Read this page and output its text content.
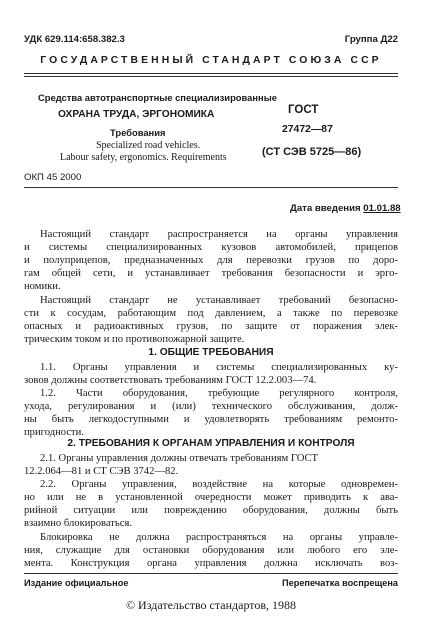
УДК 629.114:658.382.3	Группа Д22
ГОСУДАРСТВЕННЫЙ СТАНДАРТ СОЮЗА ССР
Средства автотранспортные специализированные
ОХРАНА ТРУДА, ЭРГОНОМИКА
Требования
Specialized road vehicles.
Labour safety, ergonomics. Requirements
ГОСТ
27472—87
(СТ СЭВ 5725—86)
ОКП 45 2000
Дата введения 01.01.88
Настоящий стандарт распространяется на органы управления
и системы специализированных кузовов автомобилей, прицепов
и полуприцепов, предназначенных для перевозки грузов по доро-
гам общей сети, и устанавливает требования безопасности и эрго-
номики.
Настоящий стандарт не устанавливает требований безопасно-
сти к сосудам, работающим под давлением, а также по перевозке
опасных и радиоактивных грузов, по защите от поражения элек-
трическим током и по противопожарной защите.
1. ОБЩИЕ ТРЕБОВАНИЯ
1.1. Органы управления и системы специализированных ку-
зовов должны соответствовать требованиям ГОСТ 12.2.003—74.
1.2. Части оборудования, требующие регулярного контроля,
ухода, регулирования и (или) технического обслуживания, долж-
ны быть легкодоступными и удовлетворять требованиям ремонто-
пригодности.
2. ТРЕБОВАНИЯ К ОРГАНАМ УПРАВЛЕНИЯ И КОНТРОЛЯ
2.1. Органы управления должны отвечать требованиям ГОСТ
12.2.064—81 и СТ СЭВ 3742—82.
2.2. Органы управления, воздействие на которые одновремен-
но или не в установленной очередности может приводить к ава-
рийной ситуации или повреждению оборудования, должны быть
взаимно блокироваться.
Блокировка не должна распространяться на органы управле-
ния, служащие для остановки оборудования или любого его эле-
мента. Конструкция органа управления должна исключать воз-
Издание официальное	Перепечатка воспрещена
© Издательство стандартов, 1988
